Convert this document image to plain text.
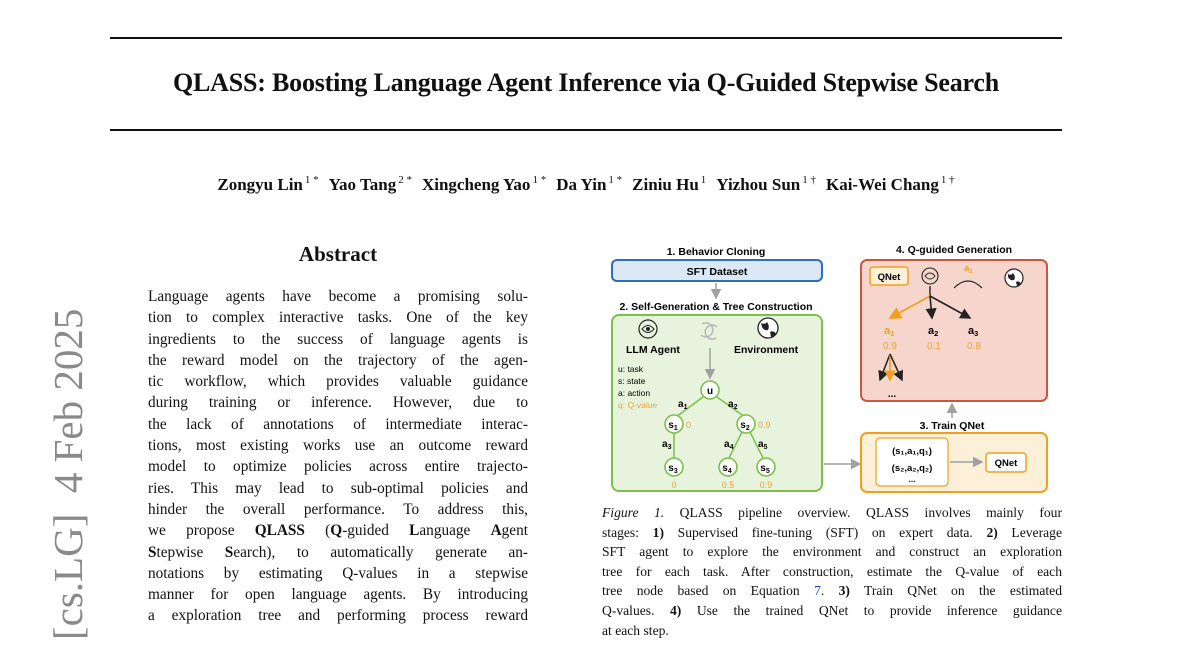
QLASS: Boosting Language Agent Inference via Q-Guided Stepwise Search
Zongyu Lin $^{1 *}$ Yao Tang $^{2 *}$ Xingcheng Yao $^{1 *}$ Da Yin $^{1 *}$ Ziniu Hu $^1$ Yizhou Sun $^{1 \dagger}$ Kai-Wei Chang $^{1 \dagger}$
[cs.LG]  4 Feb 2025
Abstract
Language agents have become a promising solu-
tion to complex interactive tasks. One of the key
ingredients to the success of language agents is
the reward model on the trajectory of the agen-
tic workflow, which provides valuable guidance
during training or inference. However, due to
the lack of annotations of intermediate interac-
tions, most existing works use an outcome reward
model to optimize policies across entire trajecto-
ries. This may lead to sub-optimal policies and
hinder the overall performance. To address this,
we propose QLASS (Q-guided Language Agent
Stepwise Search), to automatically generate an-
notations by estimating Q-values in a stepwise
manner for open language agents. By introducing
a exploration tree and performing process reward
1. Behavior Cloning
SFT Dataset
2. Self-Generation & Tree Construction
LLM Agent	Environment
u: task
s: state
a: action
q: Q-value
u
$s_1$	$s_2$
$s_3$	$s_4$	$s_5$
$a_1$	$a_2$
$a_3$	$a_4$ $a_5$
0	0.9
0	0.5	0.9
4. Q-guided Generation
QNet
$a_1$
a1	a2	a3
0.9	0.1	0.8
...
3. Train QNet
(s₁,a₁,q₁)
(s₂,a₂,q₂)
...
QNet
Figure 1. QLASS pipeline overview. QLASS involves mainly four
stages: 1) Supervised fine-tuning (SFT) on expert data. 2) Leverage
SFT agent to explore the environment and construct an exploration
tree for each task. After construction, estimate the Q-value of each
tree node based on Equation 7. 3) Train QNet on the estimated
Q-values. 4) Use the trained QNet to provide inference guidance
at each step.
